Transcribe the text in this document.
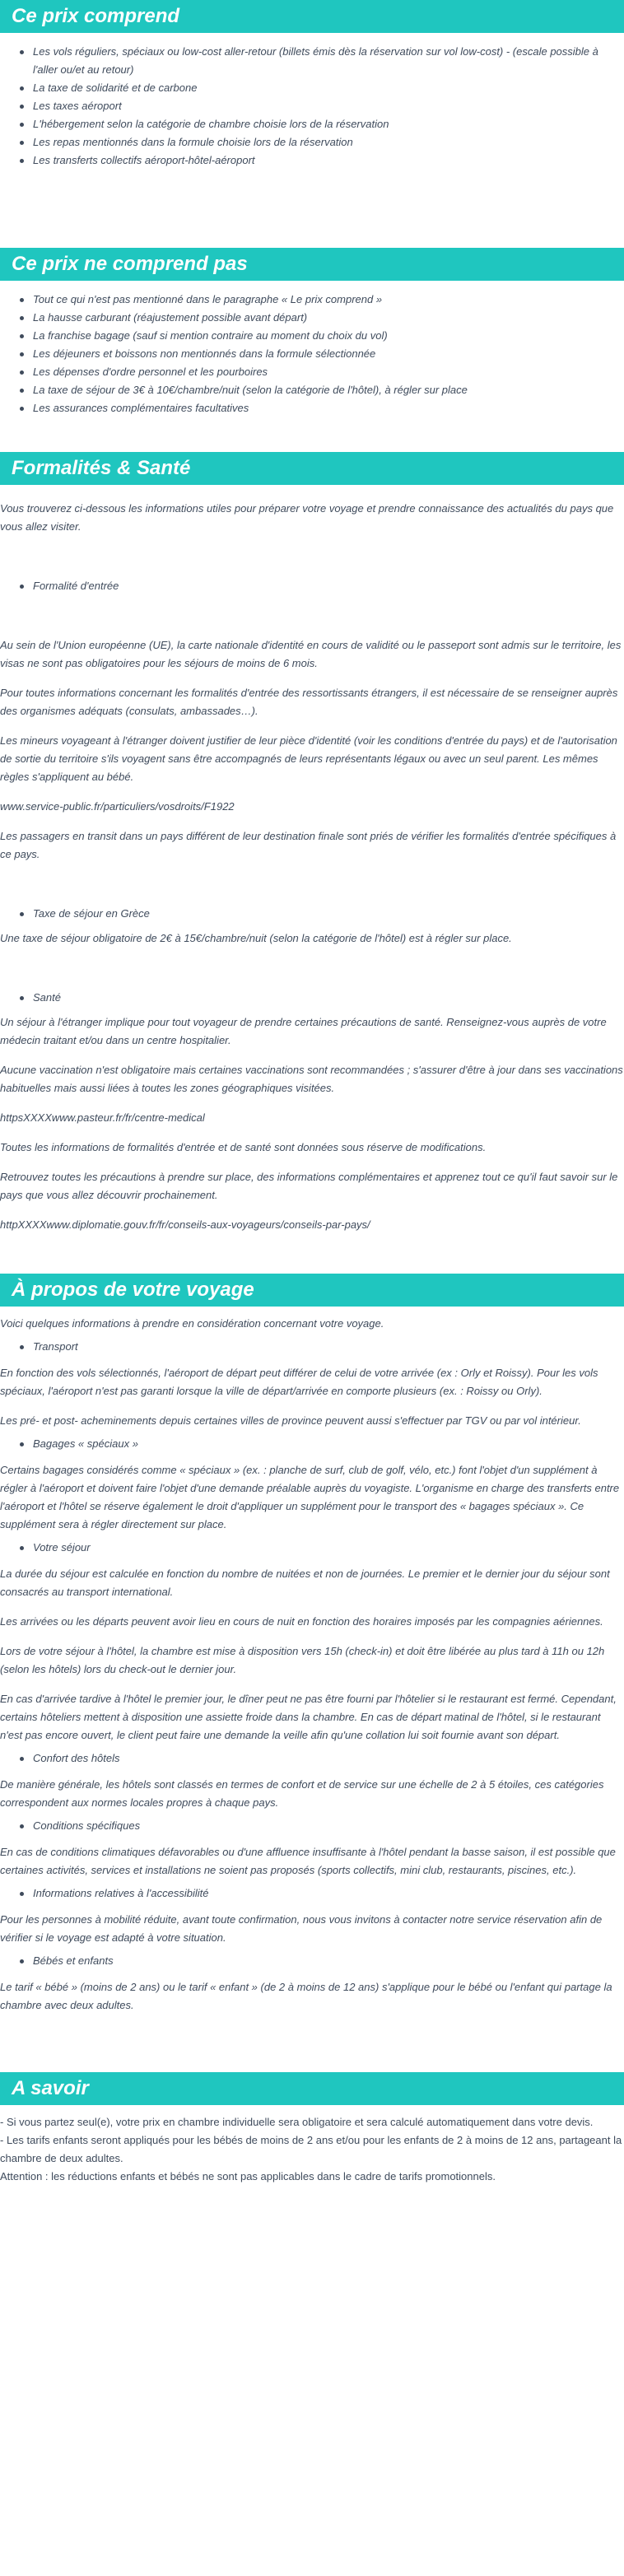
Ce prix comprend
Les vols réguliers, spéciaux ou low-cost aller-retour (billets émis dès la réservation sur vol low-cost) - (escale possible à l'aller ou/et au retour)
La taxe de solidarité et de carbone
Les taxes aéroport
L'hébergement selon la catégorie de chambre choisie lors de la réservation
Les repas mentionnés dans la formule choisie lors de la réservation
Les transferts collectifs aéroport-hôtel-aéroport
Ce prix ne comprend pas
Tout ce qui n'est pas mentionné dans le paragraphe « Le prix comprend »
La hausse carburant (réajustement possible avant départ)
La franchise bagage (sauf si mention contraire au moment du choix du vol)
Les déjeuners et boissons non mentionnés dans la formule sélectionnée
Les dépenses d'ordre personnel et les pourboires
La taxe de séjour de 3€ à 10€/chambre/nuit (selon la catégorie de l'hôtel), à régler sur place
Les assurances complémentaires facultatives
Formalités & Santé

Vous trouverez ci-dessous les informations utiles pour préparer votre voyage et prendre connaissance des actualités du pays que vous allez visiter.

Formalité d'entrée

Au sein de l'Union européenne (UE), la carte nationale d'identité en cours de validité ou le passeport sont admis sur le territoire, les visas ne sont pas obligatoires pour les séjours de moins de 6 mois.

Pour toutes informations concernant les formalités d'entrée des ressortissants étrangers, il est nécessaire de se renseigner auprès des organismes adéquats (consulats, ambassades…).

Les mineurs voyageant à l'étranger doivent justifier de leur pièce d'identité (voir les conditions d'entrée du pays) et de l'autorisation de sortie du territoire s'ils voyagent sans être accompagnés de leurs représentants légaux ou avec un seul parent. Les mêmes règles s'appliquent au bébé.

www.service-public.fr/particuliers/vosdroits/F1922

Les passagers en transit dans un pays différent de leur destination finale sont priés de vérifier les formalités d'entrée spécifiques à ce pays.

Taxe de séjour en Grèce

Une taxe de séjour obligatoire de 2€ à 15€/chambre/nuit (selon la catégorie de l'hôtel) est à régler sur place.

Santé

Un séjour à l'étranger implique pour tout voyageur de prendre certaines précautions de santé. Renseignez-vous auprès de votre médecin traitant et/ou dans un centre hospitalier.

Aucune vaccination n'est obligatoire mais certaines vaccinations sont recommandées ; s'assurer d'être à jour dans ses vaccinations habituelles mais aussi liées à toutes les zones géographiques visitées.

httpsXXXXwww.pasteur.fr/fr/centre-medical

Toutes les informations de formalités d'entrée et de santé sont données sous réserve de modifications.

Retrouvez toutes les précautions à prendre sur place, des informations complémentaires et apprenez tout ce qu'il faut savoir sur le pays que vous allez découvrir prochainement.

httpXXXXwww.diplomatie.gouv.fr/fr/conseils-aux-voyageurs/conseils-par-pays/

À propos de votre voyage

Voici quelques informations à prendre en considération concernant votre voyage.

Transport

En fonction des vols sélectionnés, l'aéroport de départ peut différer de celui de votre arrivée (ex : Orly et Roissy). Pour les vols spéciaux, l'aéroport n'est pas garanti lorsque la ville de départ/arrivée en comporte plusieurs (ex. : Roissy ou Orly).

Les pré- et post- acheminements depuis certaines villes de province peuvent aussi s'effectuer par TGV ou par vol intérieur.

Bagages « spéciaux »

Certains bagages considérés comme « spéciaux » (ex. : planche de surf, club de golf, vélo, etc.) font l'objet d'un supplément à régler à l'aéroport et doivent faire l'objet d'une demande préalable auprès du voyagiste. L'organisme en charge des transferts entre l'aéroport et l'hôtel se réserve également le droit d'appliquer un supplément pour le transport des « bagages spéciaux ». Ce supplément sera à régler directement sur place.

Votre séjour

La durée du séjour est calculée en fonction du nombre de nuitées et non de journées. Le premier et le dernier jour du séjour sont consacrés au transport international.

Les arrivées ou les départs peuvent avoir lieu en cours de nuit en fonction des horaires imposés par les compagnies aériennes.

Lors de votre séjour à l'hôtel, la chambre est mise à disposition vers 15h (check-in) et doit être libérée au plus tard à 11h ou 12h (selon les hôtels) lors du check-out le dernier jour.

En cas d'arrivée tardive à l'hôtel le premier jour, le dîner peut ne pas être fourni par l'hôtelier si le restaurant est fermé. Cependant, certains hôteliers mettent à disposition une assiette froide dans la chambre. En cas de départ matinal de l'hôtel, si le restaurant n'est pas encore ouvert, le client peut faire une demande la veille afin qu'une collation lui soit fournie avant son départ.

Confort des hôtels

De manière générale, les hôtels sont classés en termes de confort et de service sur une échelle de 2 à 5 étoiles, ces catégories correspondent aux normes locales propres à chaque pays.

Conditions spécifiques

En cas de conditions climatiques défavorables ou d'une affluence insuffisante à l'hôtel pendant la basse saison, il est possible que certaines activités, services et installations ne soient pas proposés (sports collectifs, mini club, restaurants, piscines, etc.).

Informations relatives à l'accessibilité

Pour les personnes à mobilité réduite, avant toute confirmation, nous vous invitons à contacter notre service réservation afin de vérifier si le voyage est adapté à votre situation.

Bébés et enfants

Le tarif « bébé » (moins de 2 ans) ou le tarif « enfant » (de 2 à moins de 12 ans) s'applique pour le bébé ou l'enfant qui partage la chambre avec deux adultes.

A savoir

- Si vous partez seul(e), votre prix en chambre individuelle sera obligatoire et sera calculé automatiquement dans votre devis.

- Les tarifs enfants seront appliqués pour les bébés de moins de 2 ans et/ou pour les enfants de 2 à moins de 12 ans, partageant la chambre de deux adultes.

Attention : les réductions enfants et bébés ne sont pas applicables dans le cadre de tarifs promotionnels.
